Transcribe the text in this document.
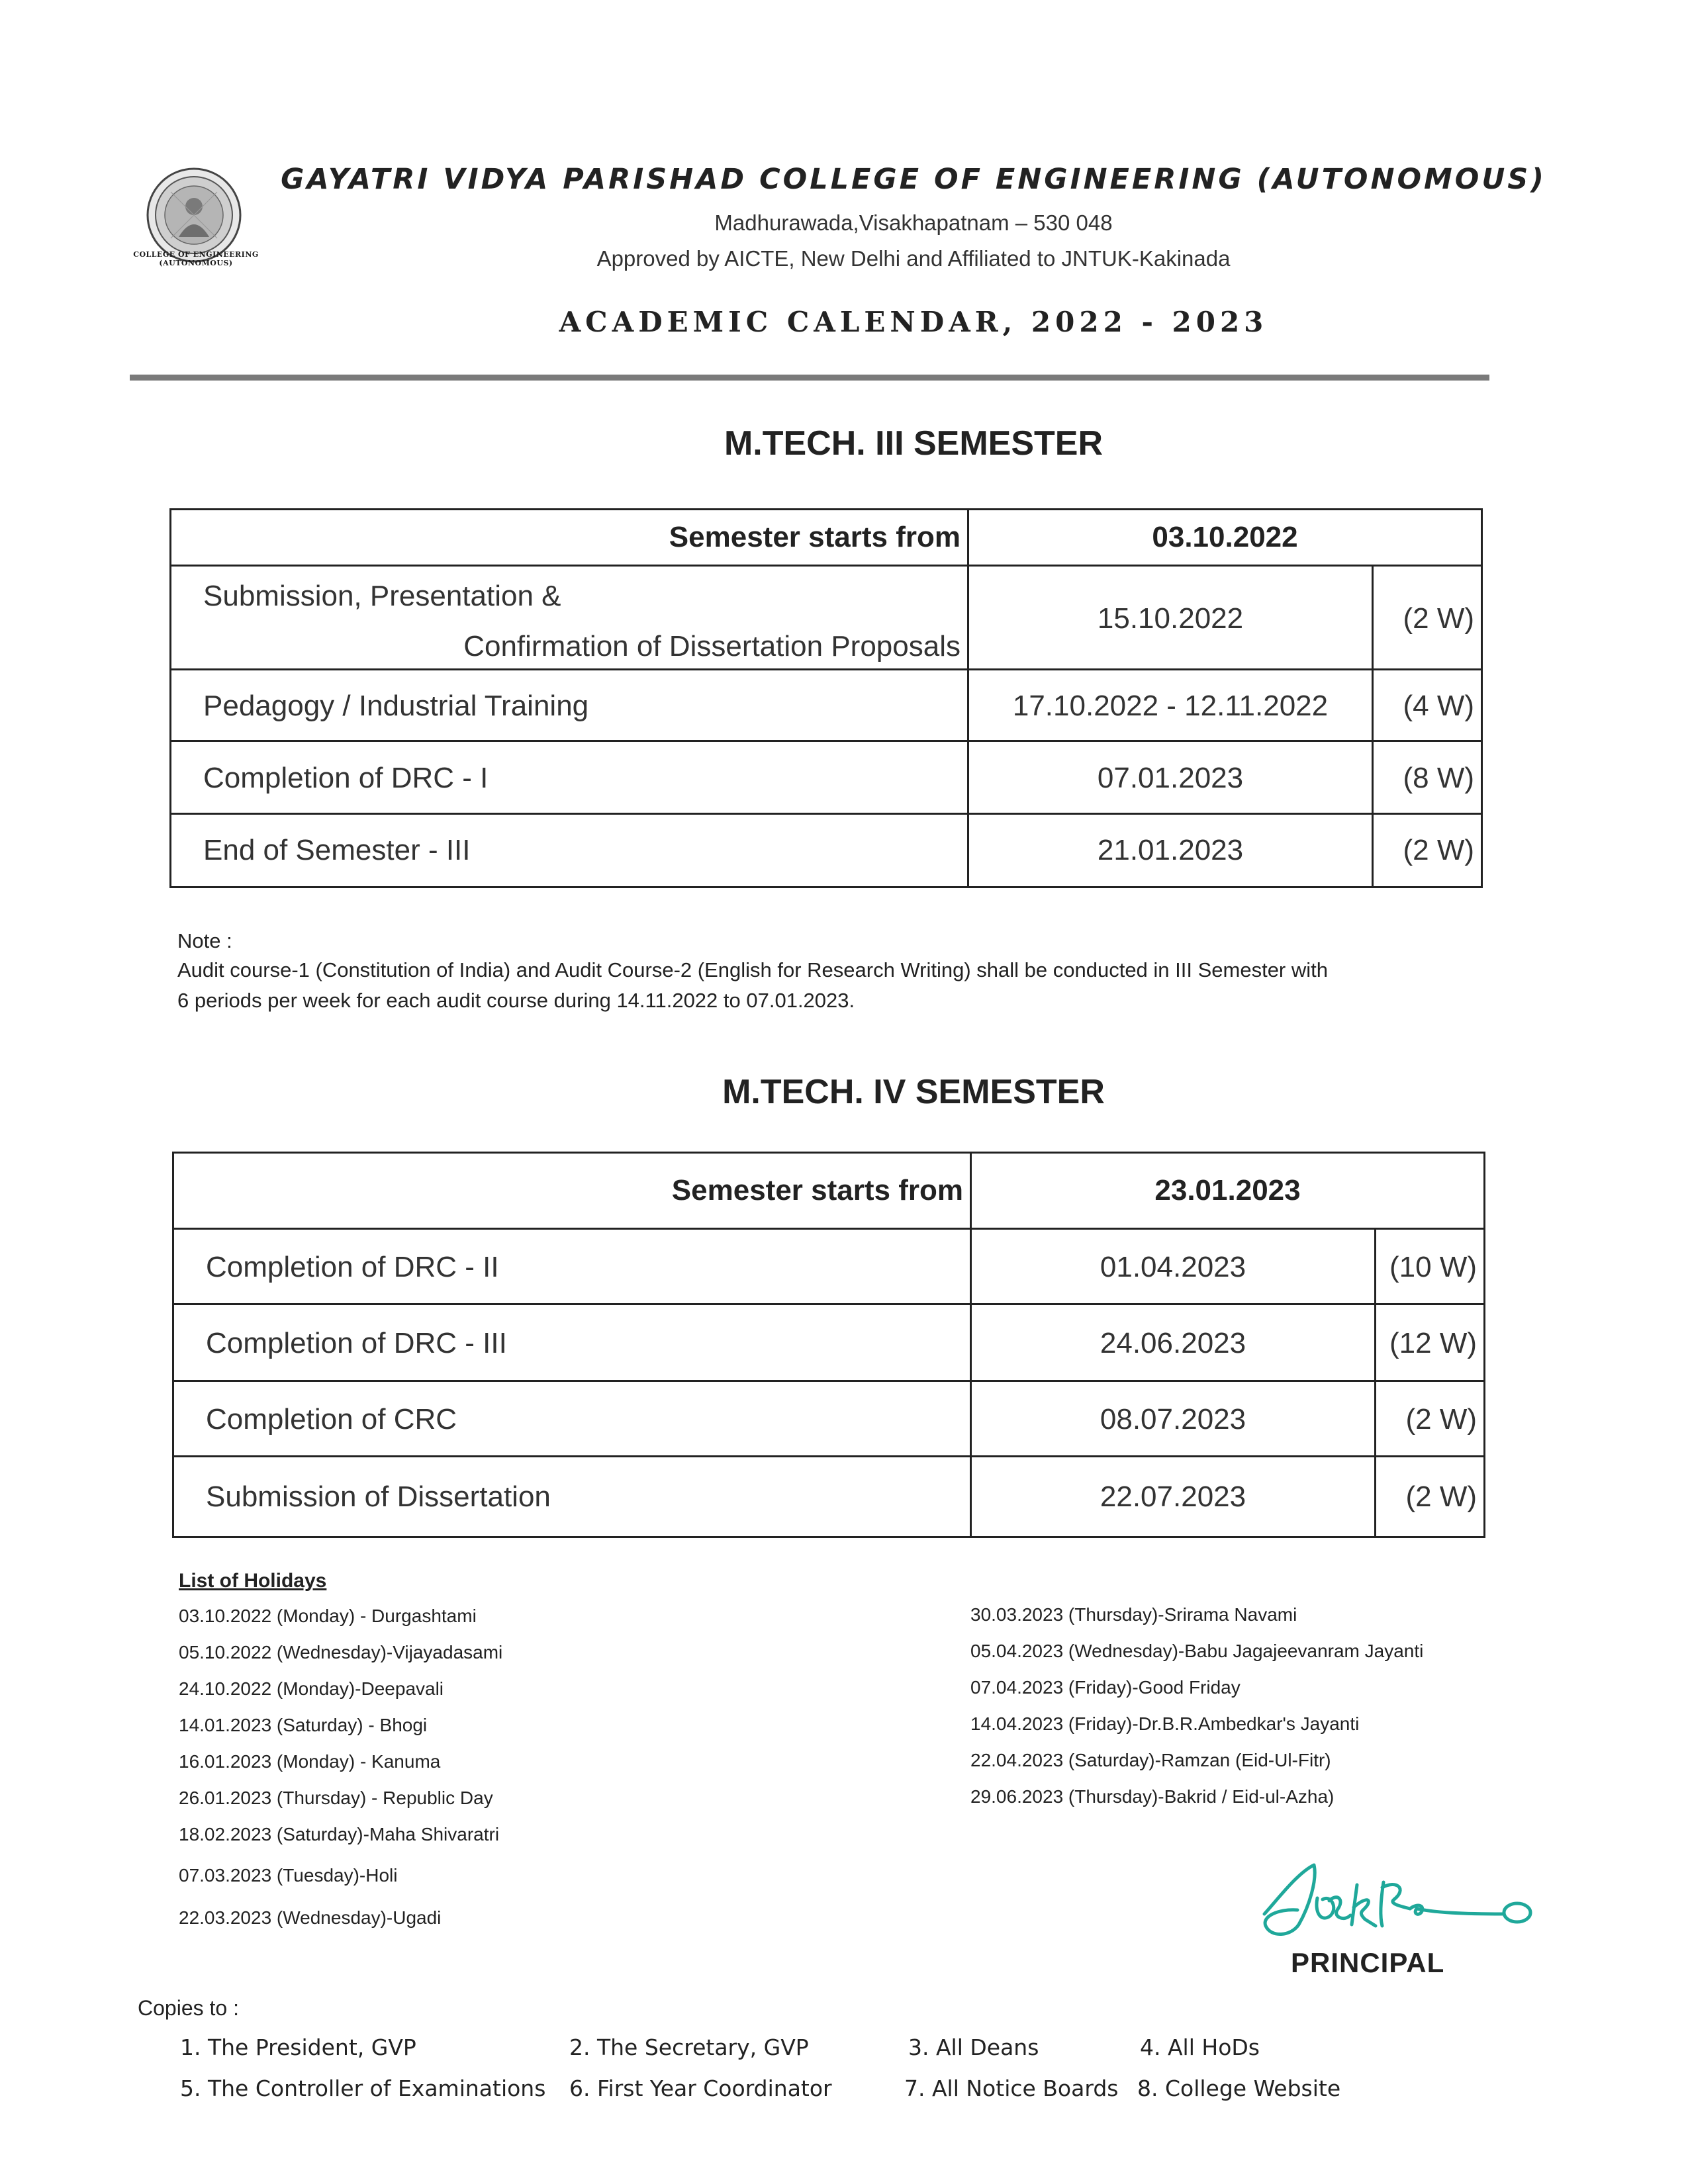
COLLEGE OF ENGINEERING (AUTONOMOUS)
GAYATRI VIDYA PARISHAD COLLEGE OF ENGINEERING (AUTONOMOUS)
Madhurawada,Visakhapatnam – 530 048
Approved by AICTE, New Delhi and Affiliated to JNTUK-Kakinada
ACADEMIC CALENDAR, 2022 - 2023
M.TECH. III SEMESTER
Semester starts from	03.10.2022
Submission, Presentation &
Confirmation of Dissertation Proposals
15.10.2022	(2 W)
Pedagogy / Industrial Training	17.10.2022 - 12.11.2022	(4 W)
Completion of DRC - I	07.01.2023	(8 W)
End of Semester - III	21.01.2023	(2 W)
Note :
Audit course-1 (Constitution of India) and Audit Course-2 (English for Research Writing) shall be conducted in III Semester with
6 periods per week for each audit course during 14.11.2022 to 07.01.2023.
M.TECH. IV SEMESTER
Semester starts from	23.01.2023
Completion of DRC - II	01.04.2023	(10 W)
Completion of DRC - III	24.06.2023	(12 W)
Completion of CRC	08.07.2023	(2 W)
Submission of Dissertation	22.07.2023	(2 W)
List of Holidays
03.10.2022 (Monday) - Durgashtami
05.10.2022 (Wednesday)-Vijayadasami
24.10.2022 (Monday)-Deepavali
14.01.2023 (Saturday) - Bhogi
16.01.2023 (Monday) - Kanuma
26.01.2023 (Thursday) - Republic Day
18.02.2023 (Saturday)-Maha Shivaratri
07.03.2023 (Tuesday)-Holi
22.03.2023 (Wednesday)-Ugadi
30.03.2023 (Thursday)-Srirama Navami
05.04.2023 (Wednesday)-Babu Jagajeevanram Jayanti
07.04.2023 (Friday)-Good Friday
14.04.2023 (Friday)-Dr.B.R.Ambedkar's Jayanti
22.04.2023 (Saturday)-Ramzan (Eid-Ul-Fitr)
29.06.2023 (Thursday)-Bakrid / Eid-ul-Azha)
PRINCIPAL
Copies to :
1. The President, GVP	2. The Secretary, GVP	3. All Deans	4. All HoDs
5. The Controller of Examinations 6. First Year Coordinator	7. All Notice Boards 8. College Website
